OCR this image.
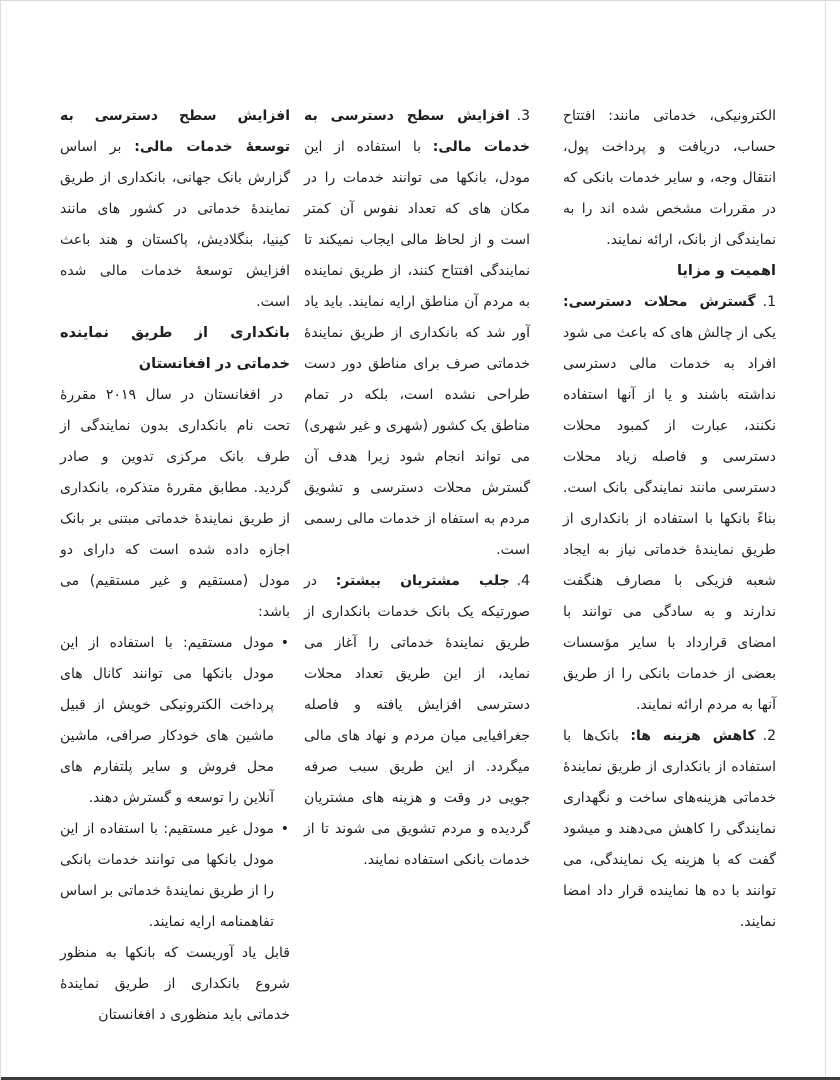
الکترونیکی، خدماتی مانند: افتتاح حساب، دریافت و پرداخت پول، انتقال وجه، و سایر خدمات بانکی که در مقررات مشخص شده اند را به نمایندگی از بانک، ارائه نمایند.

اهمیت و مزایا

1.گسترش محلات دسترسی: یکی از چالش های که باعث می شود افراد به خدمات مالی دسترسی نداشته باشند و یا از آنها استفاده نکنند، عبارت از کمبود محلات دسترسی و فاصله زیاد محلات دسترسی مانند نمایندگی بانک است. بناءً بانکها با استفاده از بانکداری از طریق نمایندۀ خدماتی نیاز به ایجاد شعبه فزیکی با مصارف هنگفت ندارند و به سادگی می توانند با امضای قرارداد با سایر مؤسسات بعضی از خدمات بانکی را از طریق آنها به مردم ارائه نمایند.

2.کاهش هزینه ها: بانک‌ها با استفاده از بانکداری از طریق نمایندۀ خدماتی هزینه‌های ساخت و نگهداری نمایندگی را کاهش می‌دهند و میشود گفت که با هزینه یک نمایندگی، می توانند با ده ها نماینده قرار داد امضا نمایند.

3.افزایش سطح دسترسی به خدمات مالی: با استفاده از این مودل، بانکها می توانند خدمات را در مکان های که تعداد نفوس آن کمتر است و از لحاظ مالی ایجاب نمیکند تا نمایندگی افتتاح کنند، از طریق نماینده به مردم آن مناطق ارایه نمایند. باید یاد آور شد که بانکداری از طریق نمایندۀ خدماتی صرف برای مناطق دور دست طراحی نشده است، بلکه در تمام مناطق یک کشور (شهری و غیر شهری) می تواند انجام شود زیرا هدف آن گسترش محلات دسترسی و تشویق مردم به استفاه از خدمات مالی رسمی است.

4.جلب مشتریان بیشتر: در صورتیکه یک بانک خدمات بانکداری از طریق نمایندۀ خدماتی را آغاز می نماید، از این طریق تعداد محلات دسترسی افزایش یافته و فاصله جغرافیایی میان مردم و نهاد های مالی میگردد. از این طریق سبب صرفه جویی در وقت و هزینه های مشتریان گردیده و مردم تشویق می شوند تا از خدمات بانکی استفاده نمایند.

افزایش سطح دسترسی به توسعۀ خدمات مالی: بر اساس گزارش بانک جهانی، بانکداری از طریق نمایندۀ خدماتی در کشور های مانند کینیا، بنگلادیش، پاکستان و هند باعث افزایش توسعۀ خدمات مالی شده است.

بانکداری از طریق نماینده خدماتی در افغانستان

در افغانستان در سال ۲۰۱۹ مقررۀ تحت نام بانکداری بدون نمایندگی از طرف بانک مرکزی تدوین و صادر گردید. مطابق مقررۀ متذکره، بانکداری از طریق نمایندۀ خدماتی مبتنی بر بانک اجازه داده شده است که دارای دو مودل (مستقیم و غیر مستقیم) می باشد:

•
مودل مستقیم: با استفاده از این مودل بانکها می توانند کانال های پرداخت الکترونیکی خویش از قبیل ماشین های خودکار صرافی، ماشین محل فروش و سایر پلتفارم های آنلاین را توسعه و گسترش دهند.
•
مودل غیر مستقیم: با استفاده از این مودل بانکها می توانند خدمات بانکی را از طریق نمایندۀ خدماتی بر اساس تفاهمنامه ارایه نمایند.

قابل یاد آوریست که بانکها به منظور شروع بانکداری از طریق نمایندۀ خدماتی باید منظوری د افغانستان
